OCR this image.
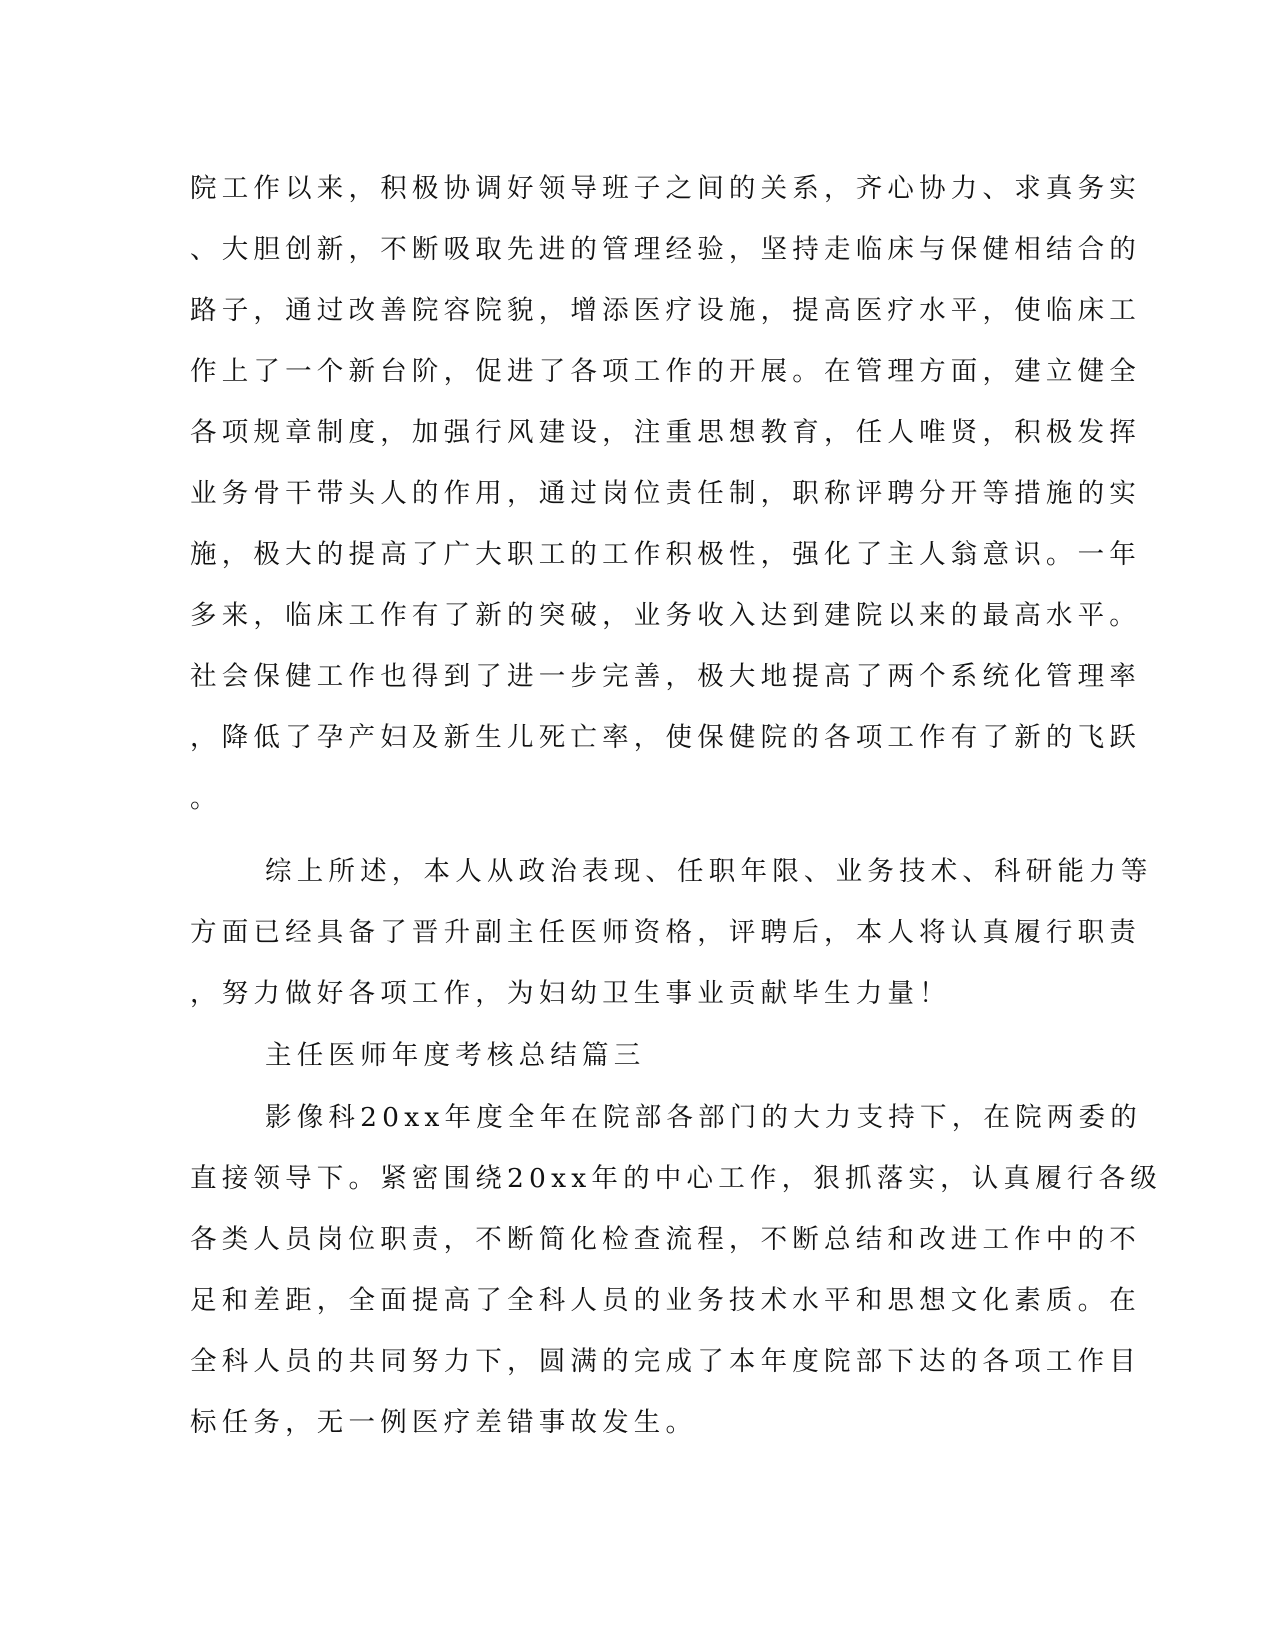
院工作以来，积极协调好领导班子之间的关系，齐心协力、求真务实
、大胆创新，不断吸取先进的管理经验，坚持走临床与保健相结合的
路子，通过改善院容院貌，增添医疗设施，提高医疗水平，使临床工
作上了一个新台阶，促进了各项工作的开展。在管理方面，建立健全
各项规章制度，加强行风建设，注重思想教育，任人唯贤，积极发挥
业务骨干带头人的作用，通过岗位责任制，职称评聘分开等措施的实
施，极大的提高了广大职工的工作积极性，强化了主人翁意识。一年
多来，临床工作有了新的突破，业务收入达到建院以来的最高水平。
社会保健工作也得到了进一步完善，极大地提高了两个系统化管理率
，降低了孕产妇及新生儿死亡率，使保健院的各项工作有了新的飞跃
。
综上所述，本人从政治表现、任职年限、业务技术、科研能力等
方面已经具备了晋升副主任医师资格，评聘后，本人将认真履行职责
，努力做好各项工作，为妇幼卫生事业贡献毕生力量！
主任医师年度考核总结篇三
影像科20xx年度全年在院部各部门的大力支持下，在院两委的
直接领导下。紧密围绕20xx年的中心工作，狠抓落实，认真履行各级
各类人员岗位职责，不断简化检查流程，不断总结和改进工作中的不
足和差距，全面提高了全科人员的业务技术水平和思想文化素质。在
全科人员的共同努力下，圆满的完成了本年度院部下达的各项工作目
标任务，无一例医疗差错事故发生。
